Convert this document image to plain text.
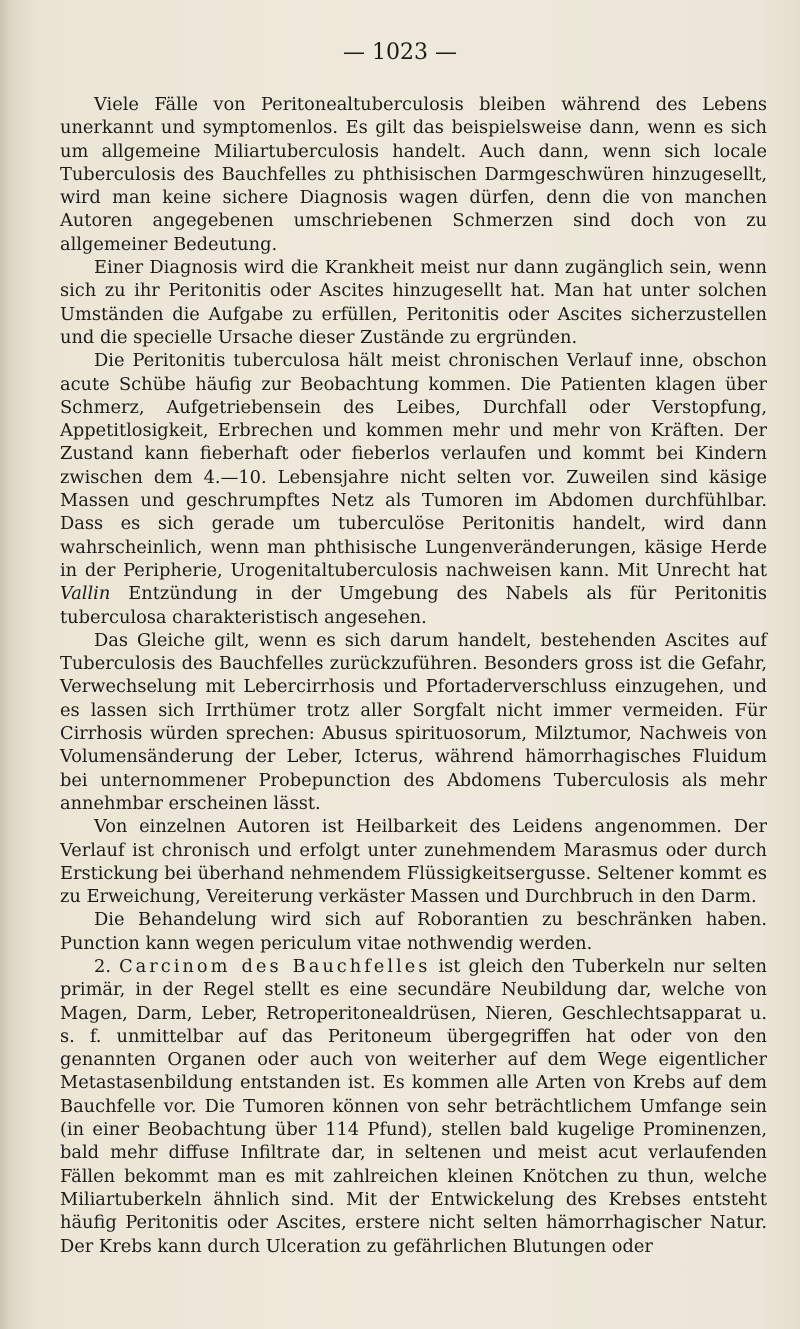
— 1023 —

Viele Fälle von Peritonealtuberculosis bleiben während des Lebens unerkannt und symptomenlos. Es gilt das beispielsweise dann, wenn es sich um allgemeine Miliartuberculosis handelt. Auch dann, wenn sich locale Tuberculosis des Bauchfelles zu phthisischen Darmgeschwüren hinzugesellt, wird man keine sichere Diagnosis wagen dürfen, denn die von manchen Autoren angegebenen umschriebenen Schmerzen sind doch von zu allgemeiner Bedeutung.

Einer Diagnosis wird die Krankheit meist nur dann zugänglich sein, wenn sich zu ihr Peritonitis oder Ascites hinzugesellt hat. Man hat unter solchen Umständen die Aufgabe zu erfüllen, Peritonitis oder Ascites sicherzustellen und die specielle Ursache dieser Zustände zu ergründen.

Die Peritonitis tuberculosa hält meist chronischen Verlauf inne, obschon acute Schübe häufig zur Beobachtung kommen. Die Patienten klagen über Schmerz, Aufgetriebensein des Leibes, Durchfall oder Verstopfung, Appetitlosigkeit, Erbrechen und kommen mehr und mehr von Kräften. Der Zustand kann fieberhaft oder fieberlos verlaufen und kommt bei Kindern zwischen dem 4.—10. Lebensjahre nicht selten vor. Zuweilen sind käsige Massen und geschrumpftes Netz als Tumoren im Abdomen durchfühlbar. Dass es sich gerade um tuberculöse Peritonitis handelt, wird dann wahrscheinlich, wenn man phthisische Lungenveränderungen, käsige Herde in der Peripherie, Urogenitaltuberculosis nachweisen kann. Mit Unrecht hat Vallin Entzündung in der Umgebung des Nabels als für Peritonitis tuberculosa charakteristisch angesehen.

Das Gleiche gilt, wenn es sich darum handelt, bestehenden Ascites auf Tuberculosis des Bauchfelles zurückzuführen. Besonders gross ist die Gefahr, Verwechselung mit Lebercirrhosis und Pfortaderverschluss einzugehen, und es lassen sich Irrthümer trotz aller Sorgfalt nicht immer vermeiden. Für Cirrhosis würden sprechen: Abusus spirituosorum, Milztumor, Nachweis von Volumensänderung der Leber, Icterus, während hämorrhagisches Fluidum bei unternommener Probepunction des Abdomens Tuberculosis als mehr annehmbar erscheinen lässt.

Von einzelnen Autoren ist Heilbarkeit des Leidens angenommen. Der Verlauf ist chronisch und erfolgt unter zunehmendem Marasmus oder durch Erstickung bei überhand nehmendem Flüssigkeitsergusse. Seltener kommt es zu Erweichung, Vereiterung verkäster Massen und Durchbruch in den Darm.

Die Behandelung wird sich auf Roborantien zu beschränken haben. Punction kann wegen periculum vitae nothwendig werden.

2. Carcinom des Bauchfelles ist gleich den Tuberkeln nur selten primär, in der Regel stellt es eine secundäre Neubildung dar, welche von Magen, Darm, Leber, Retroperitonealdrüsen, Nieren, Geschlechtsapparat u. s. f. unmittelbar auf das Peritoneum übergegriffen hat oder von den genannten Organen oder auch von weiterher auf dem Wege eigentlicher Metastasenbildung entstanden ist. Es kommen alle Arten von Krebs auf dem Bauchfelle vor. Die Tumoren können von sehr beträchtlichem Umfange sein (in einer Beobachtung über 114 Pfund), stellen bald kugelige Prominenzen, bald mehr diffuse Infiltrate dar, in seltenen und meist acut verlaufenden Fällen bekommt man es mit zahlreichen kleinen Knötchen zu thun, welche Miliartuberkeln ähnlich sind. Mit der Entwickelung des Krebses entsteht häufig Peritonitis oder Ascites, erstere nicht selten hämorrhagischer Natur. Der Krebs kann durch Ulceration zu gefährlichen Blutungen oder
